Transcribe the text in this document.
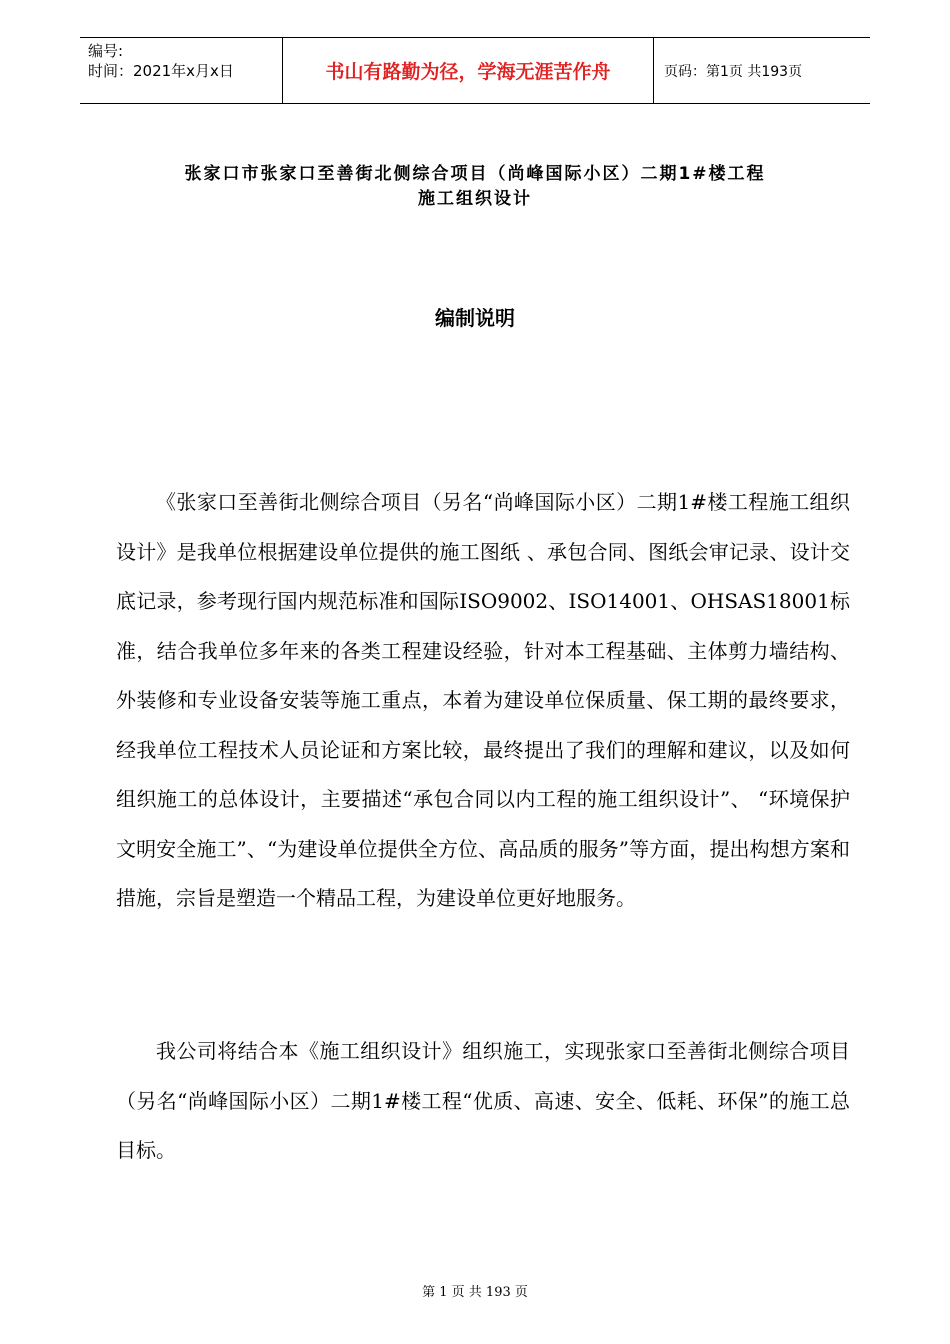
编号:
时间：2021年x月x日	书山有路勤为径，学海无涯苦作舟	页码：第1页 共193页
张家口市张家口至善街北侧综合项目（尚峰国际小区）二期1#楼工程
施工组织设计
编制说明

《张家口至善街北侧综合项目（另名“尚峰国际小区）二期1#楼工程施工组织设计》是我单位根据建设单位提供的施工图纸 、承包合同、图纸会审记录、设计交底记录，参考现行国内规范标准和国际ISO9002、ISO14001、OHSAS18001标准，结合我单位多年来的各类工程建设经验，针对本工程基础、主体剪力墙结构、外装修和专业设备安装等施工重点，本着为建设单位保质量、保工期的最终要求，经我单位工程技术人员论证和方案比较，最终提出了我们的理解和建议，以及如何组织施工的总体设计，主要描述“承包合同以内工程的施工组织设计”、 “环境保护文明安全施工”、“为建设单位提供全方位、高品质的服务”等方面，提出构想方案和措施，宗旨是塑造一个精品工程，为建设单位更好地服务。

我公司将结合本《施工组织设计》组织施工，实现张家口至善街北侧综合项目（另名“尚峰国际小区）二期1#楼工程“优质、高速、安全、低耗、环保”的施工总目标。

第 1 页 共 193 页
